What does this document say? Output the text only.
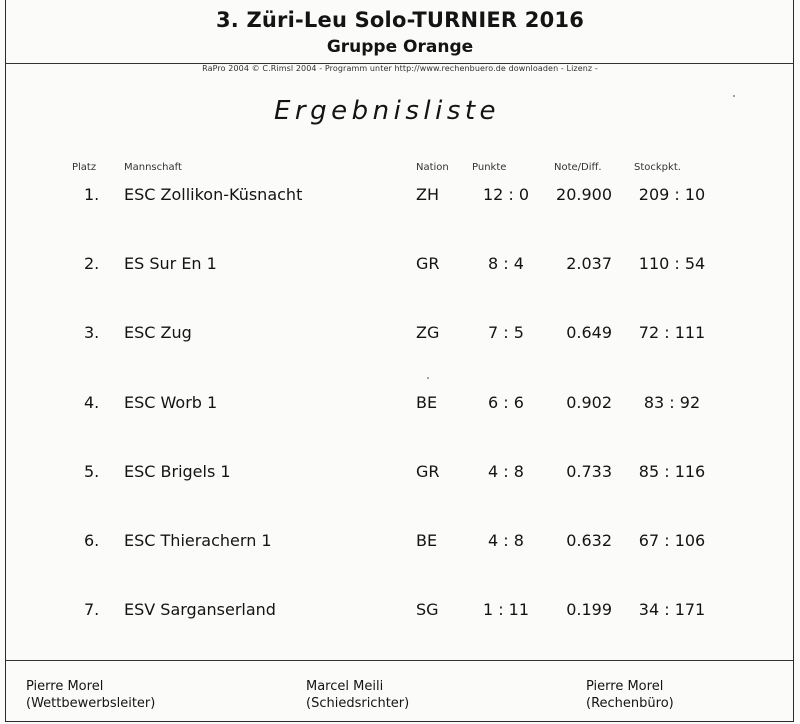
3. Züri-Leu Solo-TURNIER 2016
Gruppe Orange
RaPro 2004 © C.Rimsl 2004 - Programm unter http://www.rechenbuero.de downloaden - Lizenz -
Ergebnisliste
Platz	Mannschaft	Nation Punkte	Note/Diff.	Stockpkt.
1. ESC Zollikon-Küsnacht	ZH	12 : 0	20.900	209 : 10
2. ES Sur En 1	GR	8 : 4	2.037	110 : 54
3. ESC Zug	ZG	7 : 5	0.649	72 : 111
4. ESC Worb 1	BE	6 : 6	0.902	83 : 92
5. ESC Brigels 1	GR	4 : 8	0.733	85 : 116
6. ESC Thierachern 1	BE	4 : 8	0.632	67 : 106
7. ESV Sarganserland	SG	1 : 11	0.199	34 : 171
Pierre Morel
(Wettbewerbsleiter)
Marcel Meili
(Schiedsrichter)
Pierre Morel
(Rechenbüro)
